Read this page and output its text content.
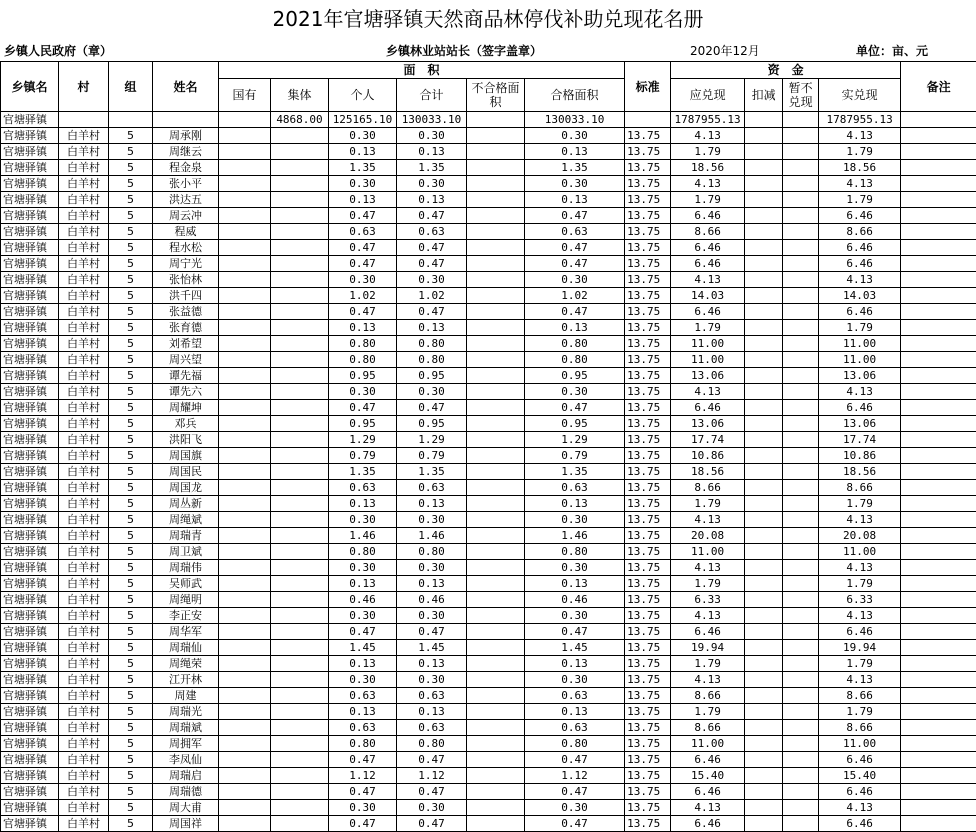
2021年官塘驿镇天然商品林停伐补助兑现花名册
乡镇人民政府（章）	乡镇林业站站长（签字盖章）	2020年12月	单位：亩、元
乡镇名	村	组	姓名	面　积						标准	资　金				备注
				国有	集体	个人	合计	不合格面 积	合格面积		应兑现	扣减	暂不兑现	实兑现	
官塘驿镇					4868.00	125165.10	130033.10		130033.10		1787955.13			1787955.13	
官塘驿镇	白羊村	5	周承刚			0.30	0.30		0.30	13.75	4.13			4.13	
官塘驿镇	白羊村	5	周继云			0.13	0.13		0.13	13.75	1.79			1.79	
官塘驿镇	白羊村	5	程金泉			1.35	1.35		1.35	13.75	18.56			18.56	
官塘驿镇	白羊村	5	张小平			0.30	0.30		0.30	13.75	4.13			4.13	
官塘驿镇	白羊村	5	洪达五			0.13	0.13		0.13	13.75	1.79			1.79	
官塘驿镇	白羊村	5	周云冲			0.47	0.47		0.47	13.75	6.46			6.46	
官塘驿镇	白羊村	5	程威			0.63	0.63		0.63	13.75	8.66			8.66	
官塘驿镇	白羊村	5	程水松			0.47	0.47		0.47	13.75	6.46			6.46	
官塘驿镇	白羊村	5	周宁光			0.47	0.47		0.47	13.75	6.46			6.46	
官塘驿镇	白羊村	5	张怡林			0.30	0.30		0.30	13.75	4.13			4.13	
官塘驿镇	白羊村	5	洪千四			1.02	1.02		1.02	13.75	14.03			14.03	
官塘驿镇	白羊村	5	张益德			0.47	0.47		0.47	13.75	6.46			6.46	
官塘驿镇	白羊村	5	张育德			0.13	0.13		0.13	13.75	1.79			1.79	
官塘驿镇	白羊村	5	刘希望			0.80	0.80		0.80	13.75	11.00			11.00	
官塘驿镇	白羊村	5	周兴望			0.80	0.80		0.80	13.75	11.00			11.00	
官塘驿镇	白羊村	5	谭先福			0.95	0.95		0.95	13.75	13.06			13.06	
官塘驿镇	白羊村	5	谭先六			0.30	0.30		0.30	13.75	4.13			4.13	
官塘驿镇	白羊村	5	周耀坤			0.47	0.47		0.47	13.75	6.46			6.46	
官塘驿镇	白羊村	5	邓兵			0.95	0.95		0.95	13.75	13.06			13.06	
官塘驿镇	白羊村	5	洪阳飞			1.29	1.29		1.29	13.75	17.74			17.74	
官塘驿镇	白羊村	5	周国旗			0.79	0.79		0.79	13.75	10.86			10.86	
官塘驿镇	白羊村	5	周国民			1.35	1.35		1.35	13.75	18.56			18.56	
官塘驿镇	白羊村	5	周国龙			0.63	0.63		0.63	13.75	8.66			8.66	
官塘驿镇	白羊村	5	周丛新			0.13	0.13		0.13	13.75	1.79			1.79	
官塘驿镇	白羊村	5	周绳斌			0.30	0.30		0.30	13.75	4.13			4.13	
官塘驿镇	白羊村	5	周瑞青			1.46	1.46		1.46	13.75	20.08			20.08	
官塘驿镇	白羊村	5	周卫斌			0.80	0.80		0.80	13.75	11.00			11.00	
官塘驿镇	白羊村	5	周瑞伟			0.30	0.30		0.30	13.75	4.13			4.13	
官塘驿镇	白羊村	5	吴师武			0.13	0.13		0.13	13.75	1.79			1.79	
官塘驿镇	白羊村	5	周绳明			0.46	0.46		0.46	13.75	6.33			6.33	
官塘驿镇	白羊村	5	李正安			0.30	0.30		0.30	13.75	4.13			4.13	
官塘驿镇	白羊村	5	周华军			0.47	0.47		0.47	13.75	6.46			6.46	
官塘驿镇	白羊村	5	周瑞仙			1.45	1.45		1.45	13.75	19.94			19.94	
官塘驿镇	白羊村	5	周绳荣			0.13	0.13		0.13	13.75	1.79			1.79	
官塘驿镇	白羊村	5	江开林			0.30	0.30		0.30	13.75	4.13			4.13	
官塘驿镇	白羊村	5	周建			0.63	0.63		0.63	13.75	8.66			8.66	
官塘驿镇	白羊村	5	周瑞光			0.13	0.13		0.13	13.75	1.79			1.79	
官塘驿镇	白羊村	5	周瑞斌			0.63	0.63		0.63	13.75	8.66			8.66	
官塘驿镇	白羊村	5	周拥军			0.80	0.80		0.80	13.75	11.00			11.00	
官塘驿镇	白羊村	5	李凤仙			0.47	0.47		0.47	13.75	6.46			6.46	
官塘驿镇	白羊村	5	周瑞启			1.12	1.12		1.12	13.75	15.40			15.40	
官塘驿镇	白羊村	5	周瑞德			0.47	0.47		0.47	13.75	6.46			6.46	
官塘驿镇	白羊村	5	周大甫			0.30	0.30		0.30	13.75	4.13			4.13	
官塘驿镇	白羊村	5	周国祥			0.47	0.47		0.47	13.75	6.46			6.46	
